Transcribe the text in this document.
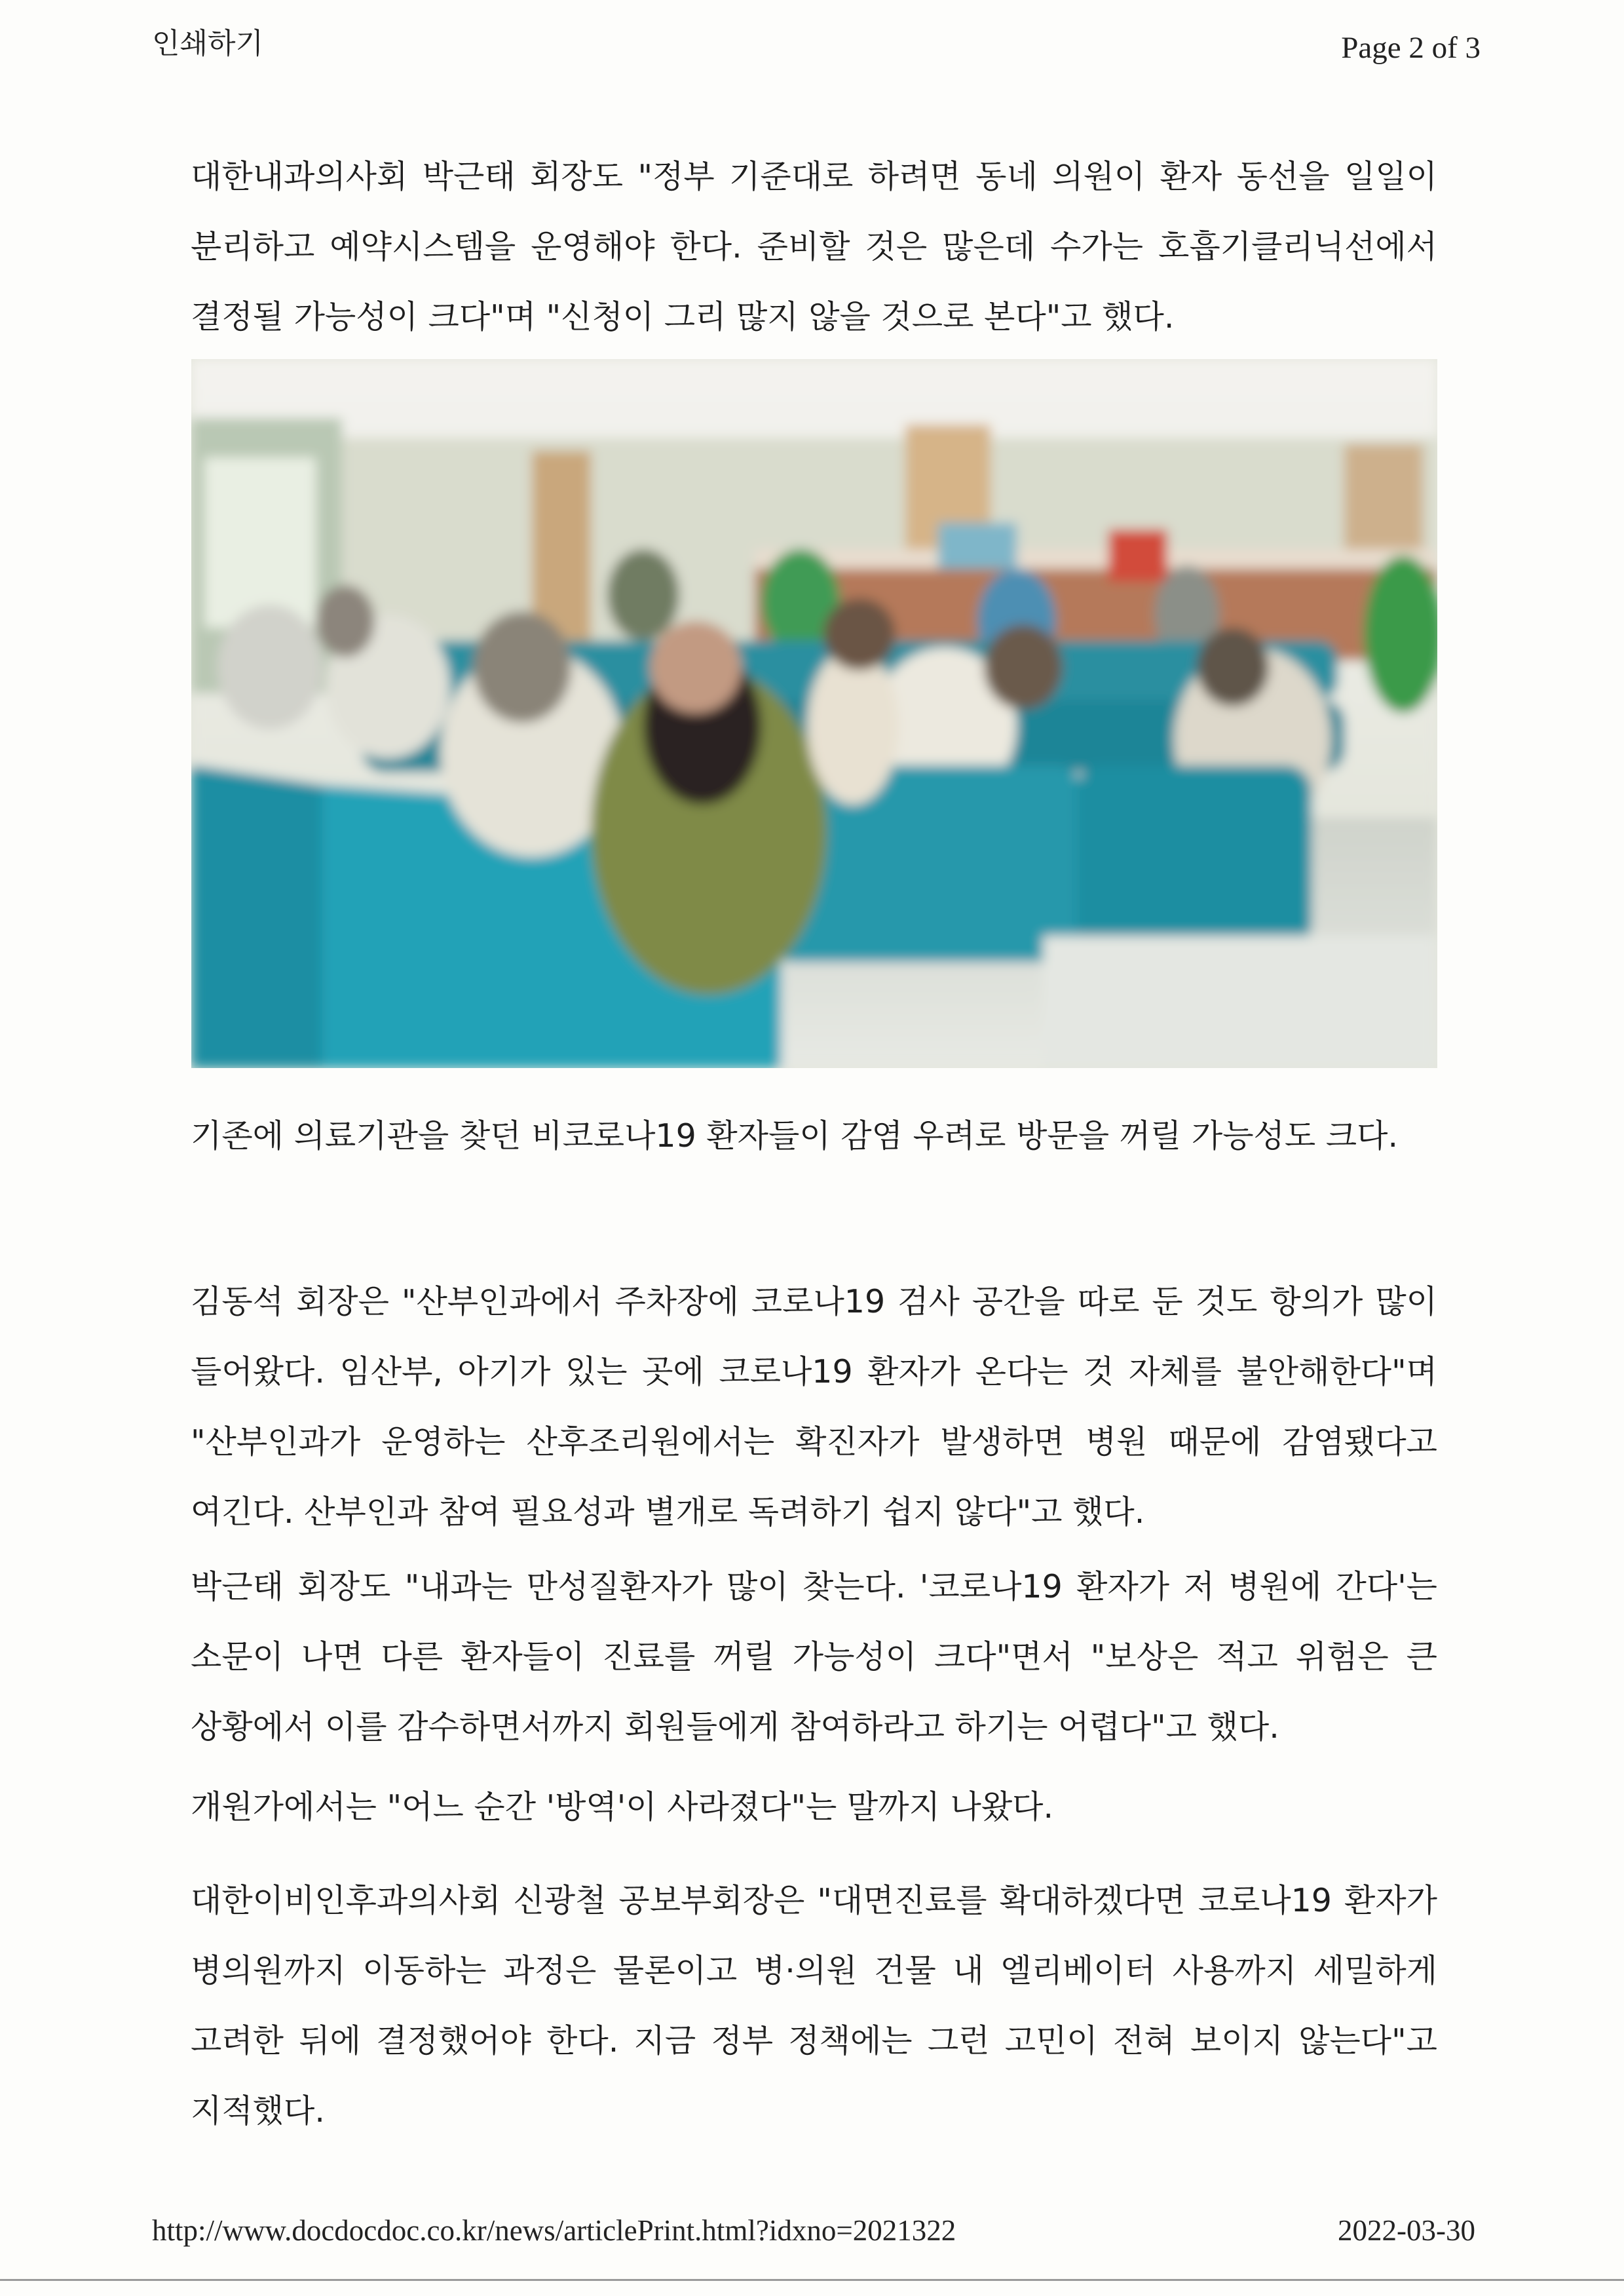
인쇄하기	Page 2 of 3

대한내과의사회 박근태 회장도 "정부 기준대로 하려면 동네 의원이 환자 동선을 일일이 분리하고 예약시스템을 운영해야 한다. 준비할 것은 많은데 수가는 호흡기클리닉선에서 결정될 가능성이 크다"며 "신청이 그리 많지 않을 것으로 본다"고 했다.

기존에 의료기관을 찾던 비코로나19 환자들이 감염 우려로 방문을 꺼릴 가능성도 크다.

김동석 회장은 "산부인과에서 주차장에 코로나19 검사 공간을 따로 둔 것도 항의가 많이 들어왔다. 임산부, 아기가 있는 곳에 코로나19 환자가 온다는 것 자체를 불안해한다"며 "산부인과가 운영하는 산후조리원에서는 확진자가 발생하면 병원 때문에 감염됐다고 여긴다. 산부인과 참여 필요성과 별개로 독려하기 쉽지 않다"고 했다.

박근태 회장도 "내과는 만성질환자가 많이 찾는다. '코로나19 환자가 저 병원에 간다'는 소문이 나면 다른 환자들이 진료를 꺼릴 가능성이 크다"면서 "보상은 적고 위험은 큰 상황에서 이를 감수하면서까지 회원들에게 참여하라고 하기는 어렵다"고 했다.

개원가에서는 "어느 순간 '방역'이 사라졌다"는 말까지 나왔다.

대한이비인후과의사회 신광철 공보부회장은 "대면진료를 확대하겠다면 코로나19 환자가 병의원까지 이동하는 과정은 물론이고 병·의원 건물 내 엘리베이터 사용까지 세밀하게 고려한 뒤에 결정했어야 한다. 지금 정부 정책에는 그런 고민이 전혀 보이지 않는다"고 지적했다.

http://www.docdocdoc.co.kr/news/articlePrint.html?idxno=2021322	2022-03-30
